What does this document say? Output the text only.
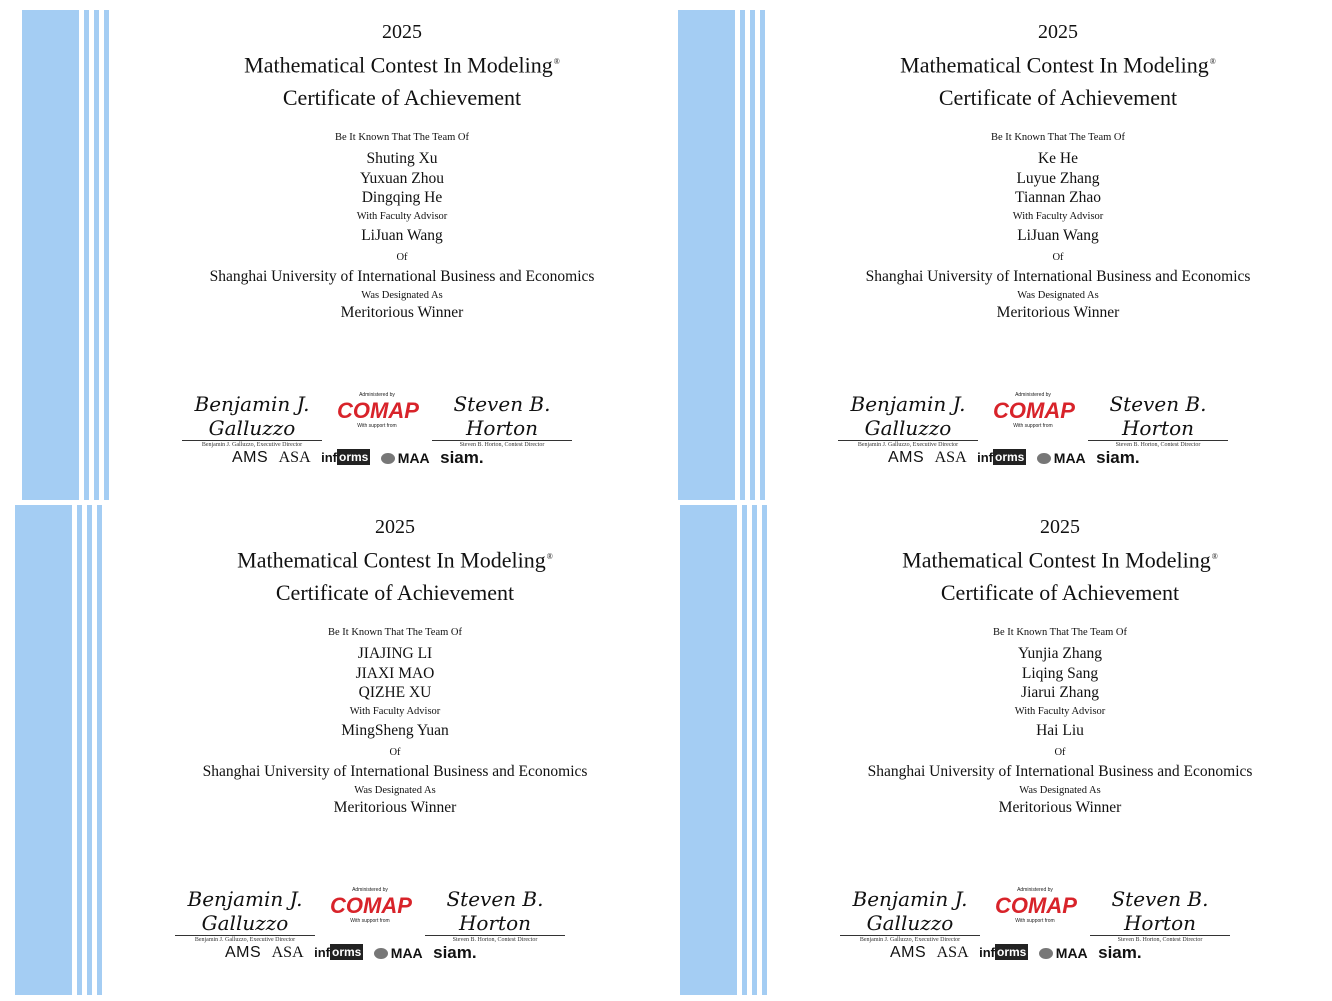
2025
Mathematical Contest In Modeling®
Certificate of Achievement
Be It Known That The Team Of
Shuting Xu
Yuxuan Zhou
Dingqing He
With Faculty Advisor
LiJuan Wang
Of
Shanghai University of International Business and Economics
Was Designated As
Meritorious Winner
Benjamin J. Galluzzo
Benjamin J. Galluzzo, Executive Director
Administered by
COMAP
With support from
Steven B. Horton
Steven B. Horton, Contest Director
AMS ASA inf orms MAA siam.
2025
Mathematical Contest In Modeling®
Certificate of Achievement
Be It Known That The Team Of
Ke He
Luyue Zhang
Tiannan Zhao
With Faculty Advisor
LiJuan Wang
Of
Shanghai University of International Business and Economics
Was Designated As
Meritorious Winner
Benjamin J. Galluzzo
Benjamin J. Galluzzo, Executive Director
Administered by
COMAP
With support from
Steven B. Horton
Steven B. Horton, Contest Director
AMS ASA inf orms MAA siam.
2025
Mathematical Contest In Modeling®
Certificate of Achievement
Be It Known That The Team Of
JIAJING LI
JIAXI MAO
QIZHE XU
With Faculty Advisor
MingSheng Yuan
Of
Shanghai University of International Business and Economics
Was Designated As
Meritorious Winner
Benjamin J. Galluzzo
Benjamin J. Galluzzo, Executive Director
Administered by
COMAP
With support from
Steven B. Horton
Steven B. Horton, Contest Director
AMS ASA inf orms MAA siam.
2025
Mathematical Contest In Modeling®
Certificate of Achievement
Be It Known That The Team Of
Yunjia Zhang
Liqing Sang
Jiarui Zhang
With Faculty Advisor
Hai Liu
Of
Shanghai University of International Business and Economics
Was Designated As
Meritorious Winner
Benjamin J. Galluzzo
Benjamin J. Galluzzo, Executive Director
Administered by
COMAP
With support from
Steven B. Horton
Steven B. Horton, Contest Director
AMS ASA inf orms MAA siam.
